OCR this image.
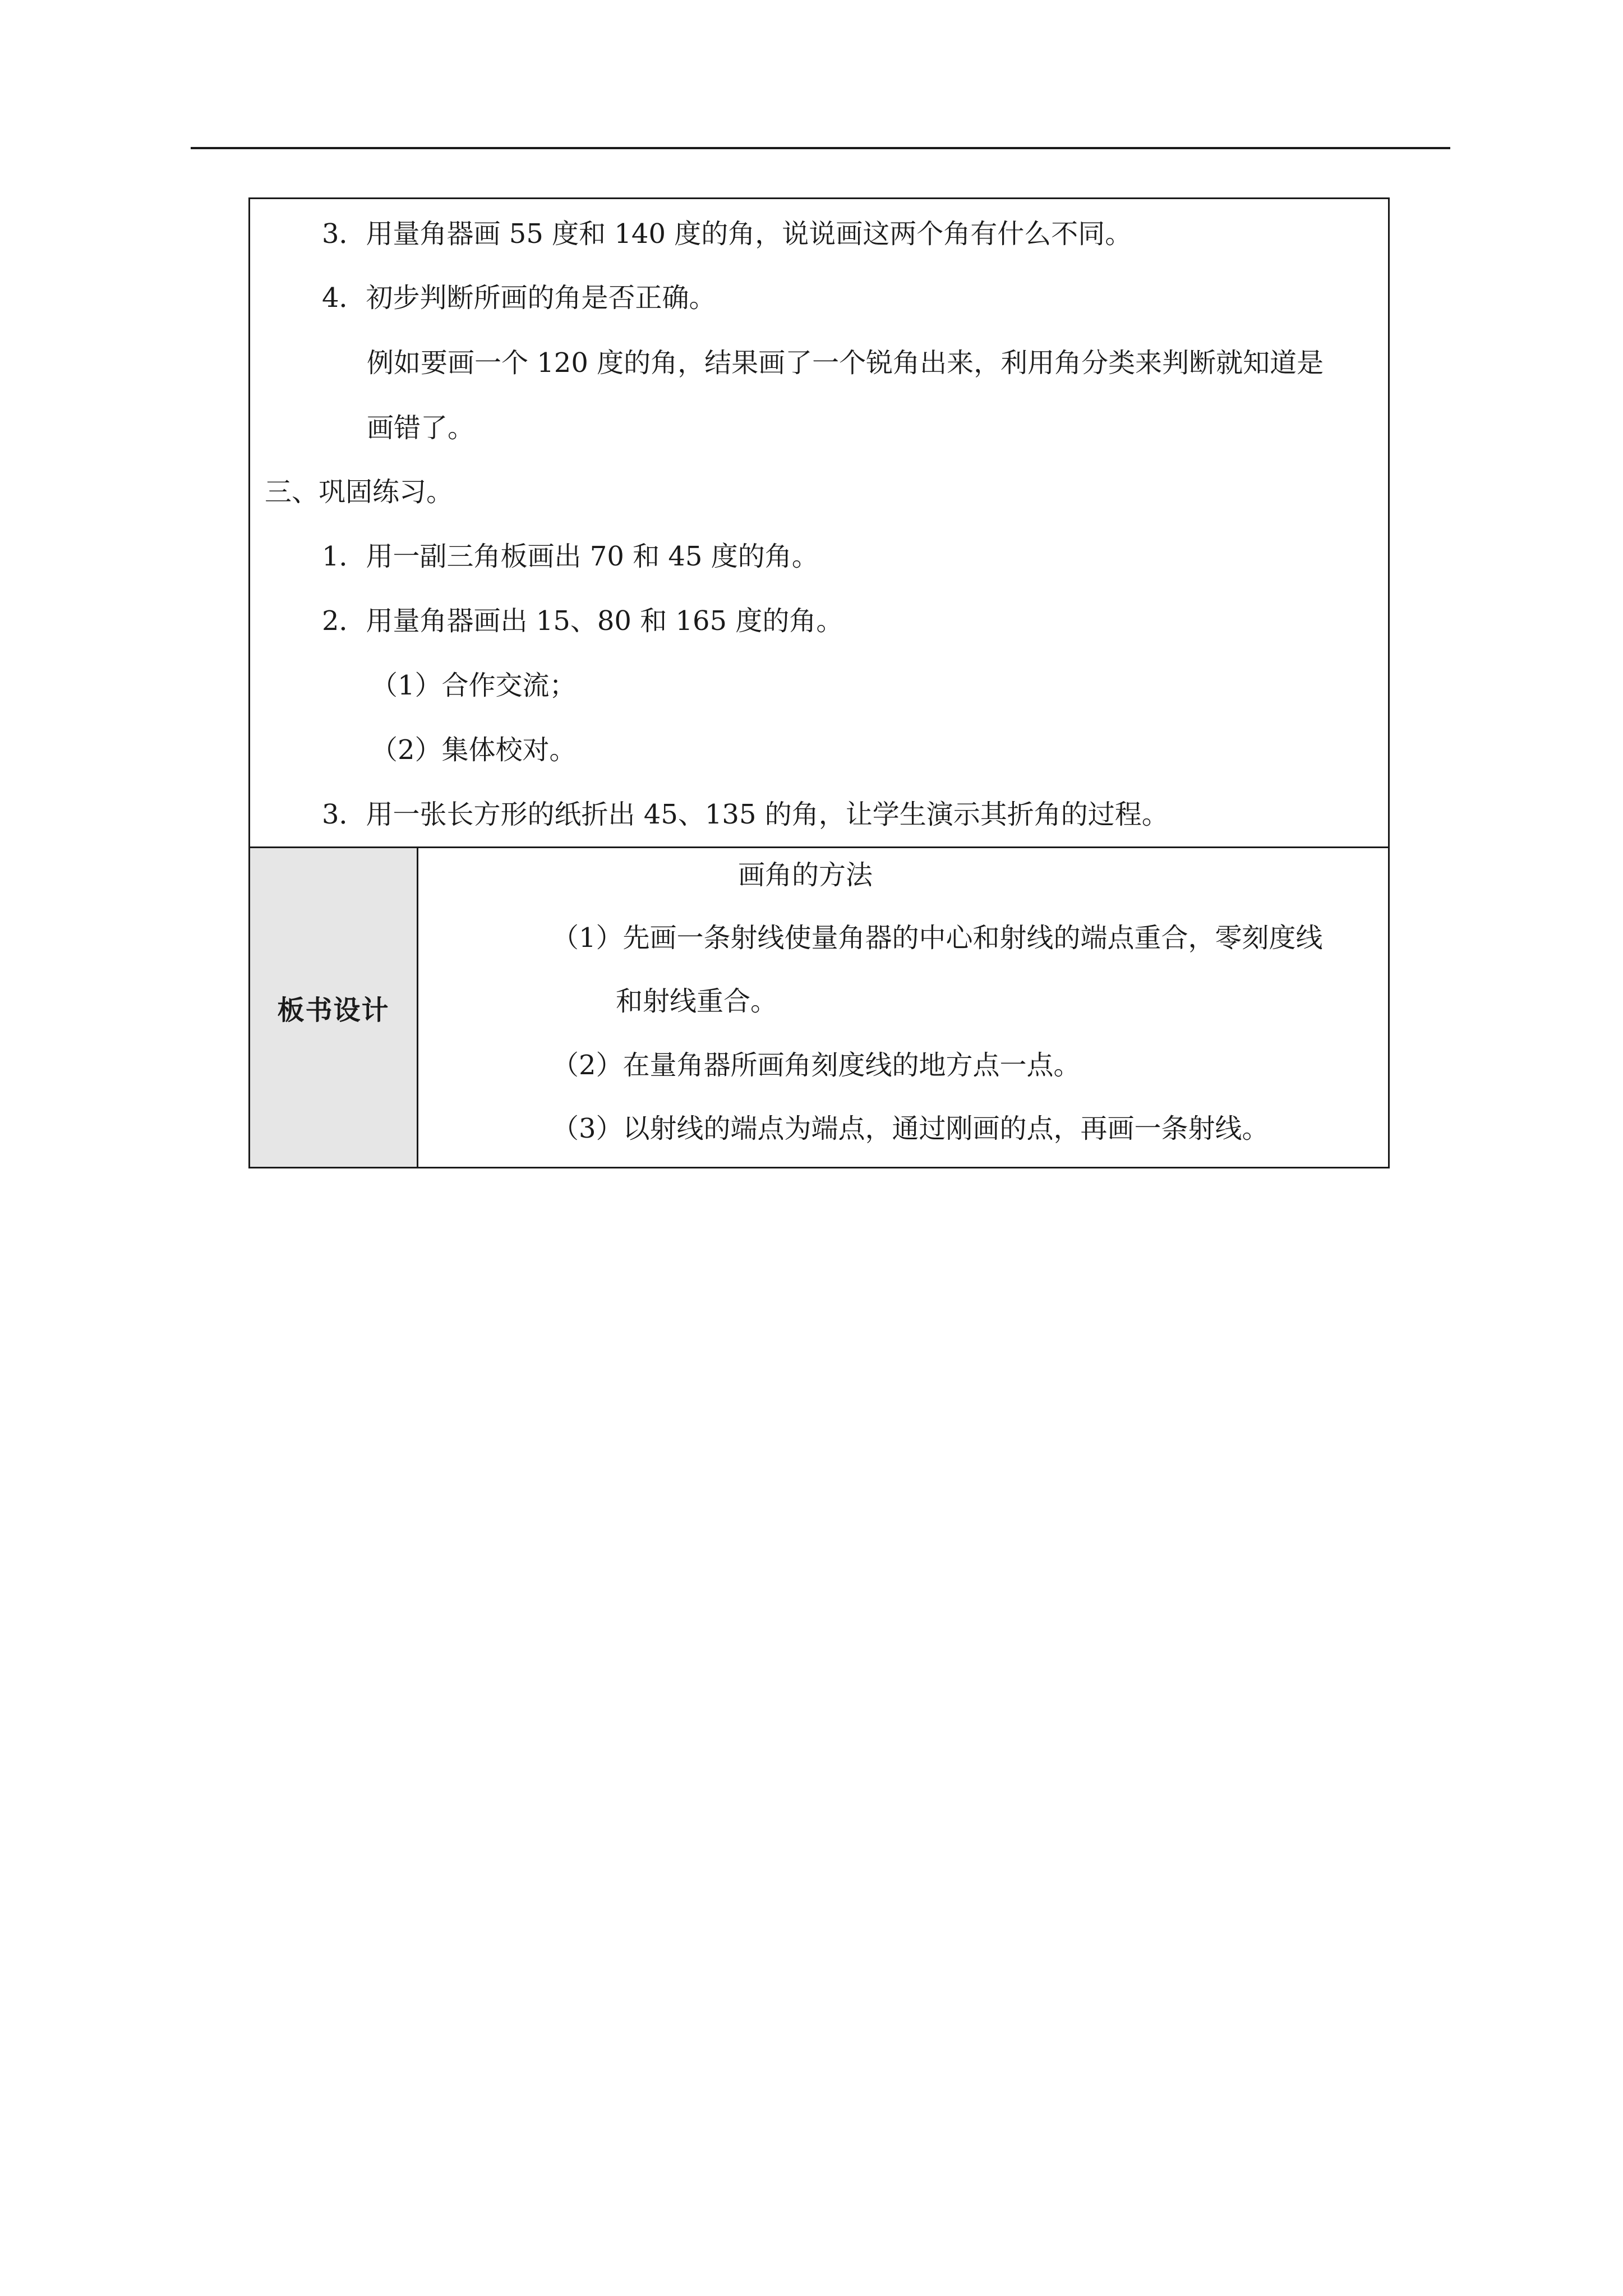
3．用量角器画 55 度和 140 度的角，说说画这两个角有什么不同。
4．初步判断所画的角是否正确。
例如要画一个 120 度的角，结果画了一个锐角出来，利用角分类来判断就知道是
画错了。
三、巩固练习。
1．用一副三角板画出 70 和 45 度的角。
2．用量角器画出 15、80 和 165 度的角。
（1）合作交流；
（2）集体校对。
3．用一张长方形的纸折出 45、135 的角，让学生演示其折角的过程。
板书设计
画角的方法
（1）先画一条射线使量角器的中心和射线的端点重合，零刻度线
和射线重合。
（2）在量角器所画角刻度线的地方点一点。
（3）以射线的端点为端点，通过刚画的点，再画一条射线。
